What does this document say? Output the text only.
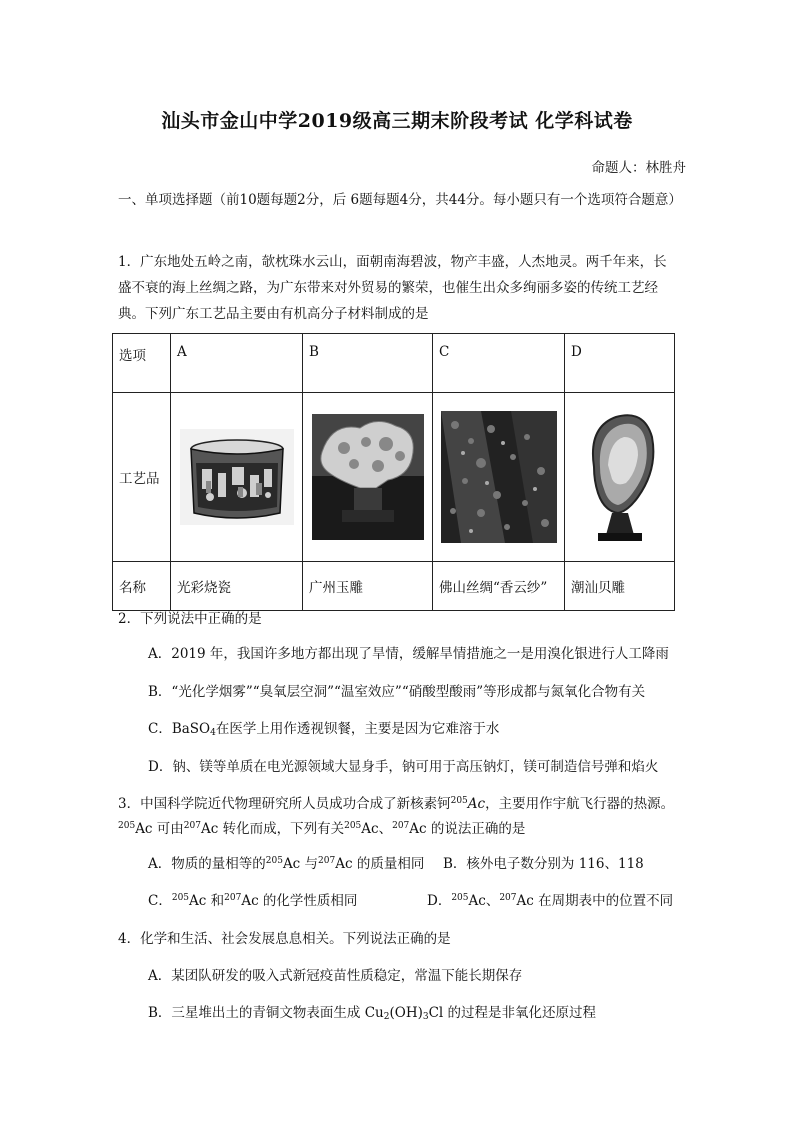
汕头市金山中学2019级高三期末阶段考试 化学科试卷
命题人：林胜舟
一、单项选择题（前10题每题2分，后 6题每题4分，共44分。每小题只有一个选项符合题意）
1．广东地处五岭之南，欹枕珠水云山，面朝南海碧波，物产丰盛，人杰地灵。两千年来，长盛不衰的海上丝绸之路，为广东带来对外贸易的繁荣，也催生出众多绚丽多姿的传统工艺经典。下列广东工艺品主要由有机高分子材料制成的是
选项	A	B	C	D
工艺品	

名称	光彩烧瓷	广州玉雕	佛山丝绸“香云纱”	潮汕贝雕
2．下列说法中正确的是
A．2019 年，我国许多地方都出现了旱情，缓解旱情措施之一是用溴化银进行人工降雨
B．“光化学烟雾”“臭氧层空洞”“温室效应”“硝酸型酸雨”等形成都与氮氧化合物有关
C．BaSO$_4$在医学上用作透视钡餐，主要是因为它难溶于水
D．钠、镁等单质在电光源领域大显身手，钠可用于高压钠灯，镁可制造信号弹和焰火
3．中国科学院近代物理研究所人员成功合成了新核素钶$^{205}$Ac，主要用作宇航飞行器的热源。
$^{205}$Ac 可由$^{207}$Ac 转化而成，下列有关$^{205}$Ac、$^{207}$Ac 的说法正确的是
A．物质的量相等的$^{205}$Ac 与$^{207}$Ac 的质量相同 B．核外电子数分别为 116、118
C．$^{205}$Ac 和$^{207}$Ac 的化学性质相同	D．$^{205}$Ac、$^{207}$Ac 在周期表中的位置不同
4．化学和生活、社会发展息息相关。下列说法正确的是
A．某团队研发的吸入式新冠疫苗性质稳定，常温下能长期保存
B．三星堆出土的青铜文物表面生成 $Cu_2(OH)_3Cl$ 的过程是非氧化还原过程
